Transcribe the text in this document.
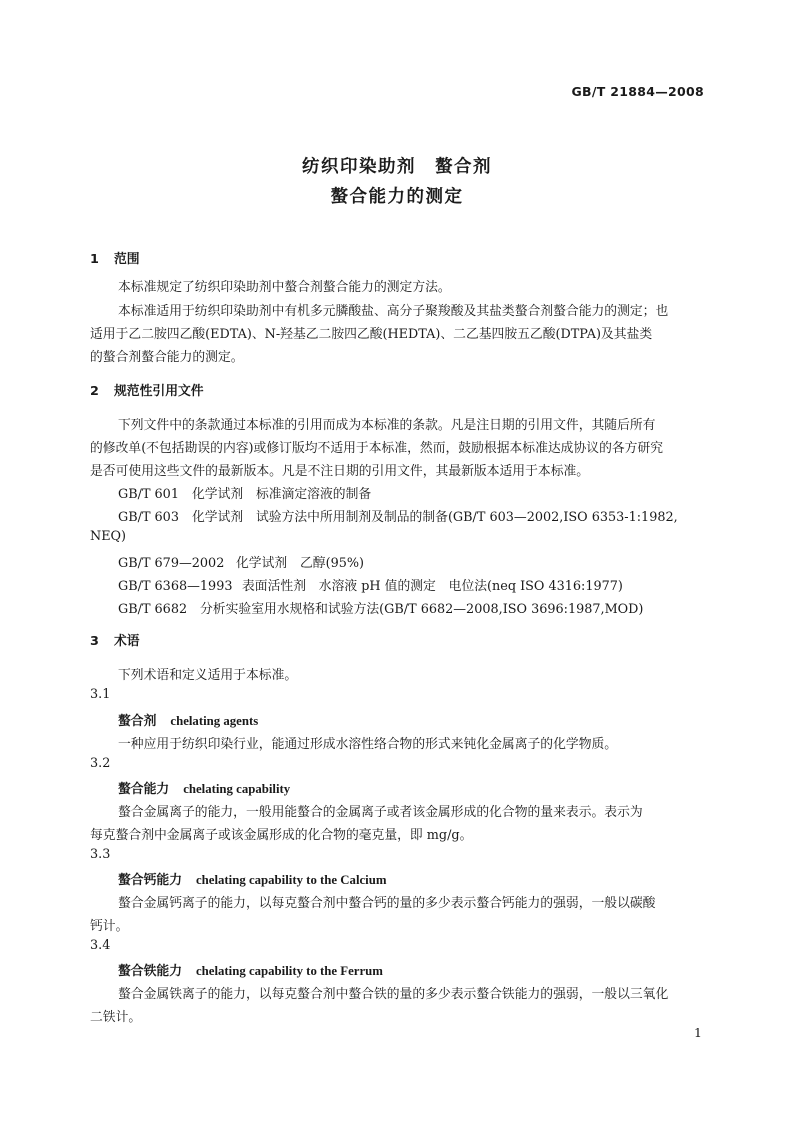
GB/T 21884—2008
纺织印染助剂　螯合剂
螯合能力的测定
1 范围
本标准规定了纺织印染助剂中螯合剂螯合能力的测定方法。
本标准适用于纺织印染助剂中有机多元膦酸盐、高分子聚羧酸及其盐类螯合剂螯合能力的测定；也
适用于乙二胺四乙酸(EDTA)、N-羟基乙二胺四乙酸(HEDTA)、二乙基四胺五乙酸(DTPA)及其盐类
的螯合剂螯合能力的测定。
2 规范性引用文件
下列文件中的条款通过本标准的引用而成为本标准的条款。凡是注日期的引用文件，其随后所有
的修改单(不包括勘误的内容)或修订版均不适用于本标准，然而，鼓励根据本标准达成协议的各方研究
是否可使用这些文件的最新版本。凡是不注日期的引用文件，其最新版本适用于本标准。
GB/T 601 化学试剂　标准滴定溶液的制备
GB/T 603 化学试剂　试验方法中所用制剂及制品的制备(GB/T 603—2002,ISO 6353-1:1982,
NEQ)
GB/T 679—2002 化学试剂　乙醇(95%)
GB/T 6368—1993 表面活性剂　水溶液 pH 值的测定　电位法(neq ISO 4316:1977)
GB/T 6682 分析实验室用水规格和试验方法(GB/T 6682—2008,ISO 3696:1987,MOD)
3 术语
下列术语和定义适用于本标准。
3.1
螯合剂 chelating agents
一种应用于纺织印染行业，能通过形成水溶性络合物的形式来钝化金属离子的化学物质。
3.2
螯合能力 chelating capability
螯合金属离子的能力，一般用能螯合的金属离子或者该金属形成的化合物的量来表示。表示为
每克螯合剂中金属离子或该金属形成的化合物的毫克量，即 mg/g。
3.3
螯合钙能力 chelating capability to the Calcium
螯合金属钙离子的能力，以每克螯合剂中螯合钙的量的多少表示螯合钙能力的强弱，一般以碳酸
钙计。
3.4
螯合铁能力 chelating capability to the Ferrum
螯合金属铁离子的能力，以每克螯合剂中螯合铁的量的多少表示螯合铁能力的强弱，一般以三氧化
二铁计。
1
